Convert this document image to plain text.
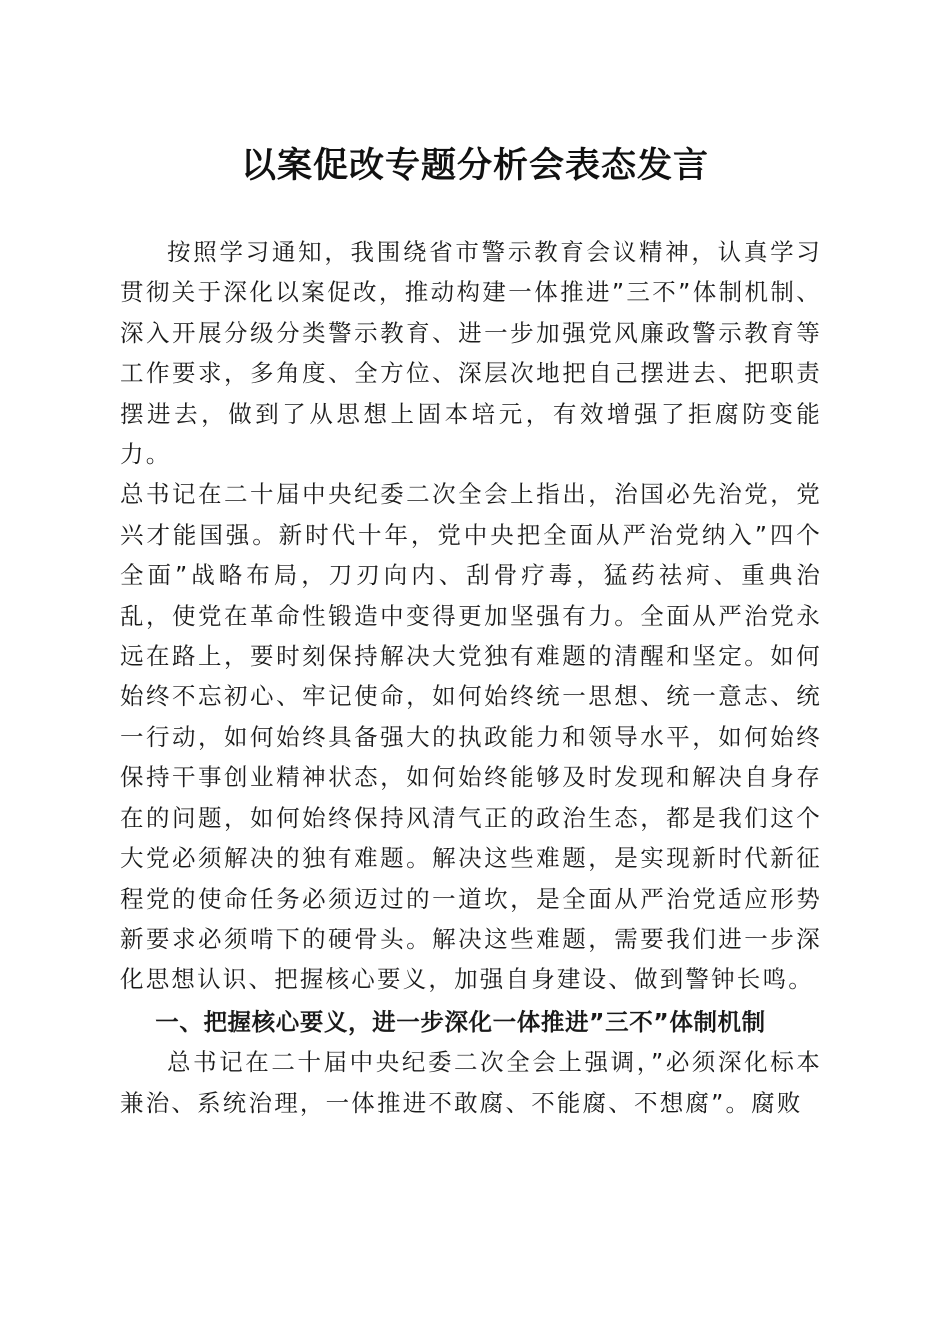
以案促改专题分析会表态发言

按照学习通知，我围绕省市警示教育会议精神，认真学习贯彻关于深化以案促改，推动构建一体推进”三不”体制机制、深入开展分级分类警示教育、进一步加强党风廉政警示教育等工作要求，多角度、全方位、深层次地把自己摆进去、把职责摆进去，做到了从思想上固本培元，有效增强了拒腐防变能力。

总书记在二十届中央纪委二次全会上指出，治国必先治党，党兴才能国强。新时代十年，党中央把全面从严治党纳入”四个全面”战略布局，刀刃向内、刮骨疗毒，猛药祛疴、重典治乱，使党在革命性锻造中变得更加坚强有力。全面从严治党永远在路上，要时刻保持解决大党独有难题的清醒和坚定。如何始终不忘初心、牢记使命，如何始终统一思想、统一意志、统一行动，如何始终具备强大的执政能力和领导水平，如何始终保持干事创业精神状态，如何始终能够及时发现和解决自身存在的问题，如何始终保持风清气正的政治生态，都是我们这个大党必须解决的独有难题。解决这些难题，是实现新时代新征程党的使命任务必须迈过的一道坎，是全面从严治党适应形势新要求必须啃下的硬骨头。解决这些难题，需要我们进一步深化思想认识、把握核心要义，加强自身建设、做到警钟长鸣。

一、把握核心要义，进一步深化一体推进”三不”体制机制

总书记在二十届中央纪委二次全会上强调，”必须深化标本兼治、系统治理，一体推进不敢腐、不能腐、不想腐”。腐败
